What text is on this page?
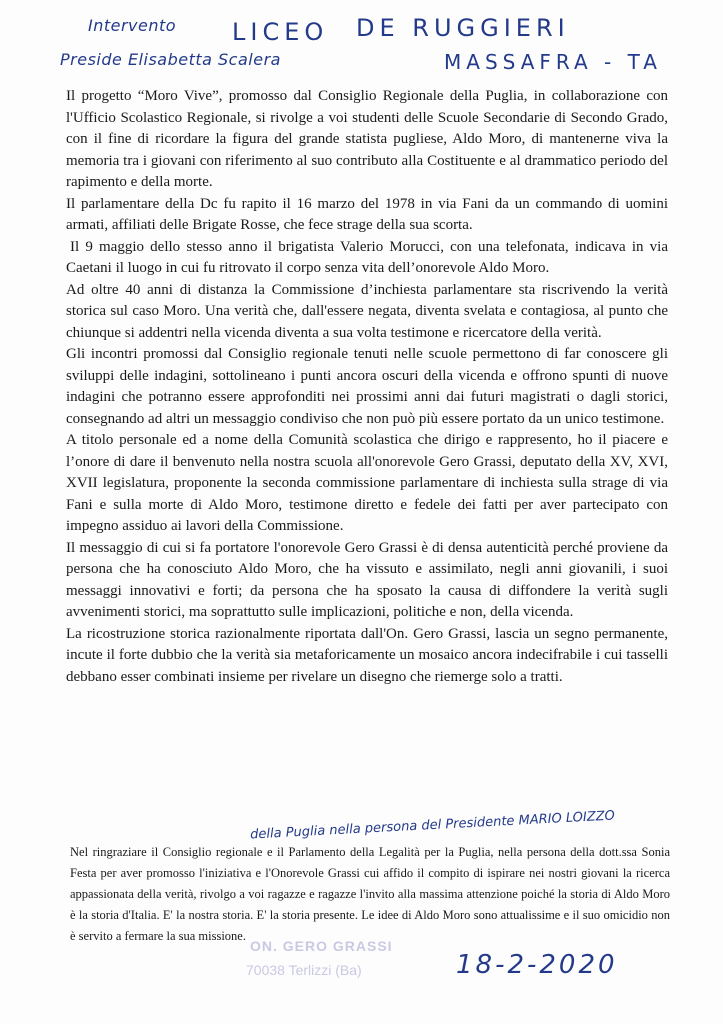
Intervento LICEO DE RUGGIERI
Preside Elisabetta Scalera	MASSAFRA - TA

Il progetto “Moro Vive”, promosso dal Consiglio Regionale della Puglia, in collaborazione con l'Ufficio Scolastico Regionale, si rivolge a voi studenti delle Scuole Secondarie di Secondo Grado, con il fine di ricordare la figura del grande statista pugliese, Aldo Moro, di mantenerne viva la memoria tra i giovani con riferimento al suo contributo alla Costituente e al drammatico periodo del rapimento e della morte.

Il parlamentare della Dc fu rapito il 16 marzo del 1978 in via Fani da un commando di uomini armati, affiliati delle Brigate Rosse, che fece strage della sua scorta.

Il 9 maggio dello stesso anno il brigatista Valerio Morucci, con una telefonata, indicava in via Caetani il luogo in cui fu ritrovato il corpo senza vita dell’onorevole Aldo Moro.

Ad oltre 40 anni di distanza la Commissione d’inchiesta parlamentare sta riscrivendo la verità storica sul caso Moro. Una verità che, dall'essere negata, diventa svelata e contagiosa, al punto che chiunque si addentri nella vicenda diventa a sua volta testimone e ricercatore della verità.

Gli incontri promossi dal Consiglio regionale tenuti nelle scuole permettono di far conoscere gli sviluppi delle indagini, sottolineano i punti ancora oscuri della vicenda e offrono spunti di nuove indagini che potranno essere approfonditi nei prossimi anni dai futuri magistrati o dagli storici, consegnando ad altri un messaggio condiviso che non può più essere portato da un unico testimone.

A titolo personale ed a nome della Comunità scolastica che dirigo e rappresento, ho il piacere e l’onore di dare il benvenuto nella nostra scuola all'onorevole Gero Grassi, deputato della XV, XVI, XVII legislatura, proponente la seconda commissione parlamentare di inchiesta sulla strage di via Fani e sulla morte di Aldo Moro, testimone diretto e fedele dei fatti per aver partecipato con impegno assiduo ai lavori della Commissione.

Il messaggio di cui si fa portatore l'onorevole Gero Grassi è di densa autenticità perché proviene da persona che ha conosciuto Aldo Moro, che ha vissuto e assimilato, negli anni giovanili, i suoi messaggi innovativi e forti; da persona che ha sposato la causa di diffondere la verità sugli avvenimenti storici, ma soprattutto sulle implicazioni, politiche e non, della vicenda.

La ricostruzione storica razionalmente riportata dall'On. Gero Grassi, lascia un segno permanente, incute il forte dubbio che la verità sia metaforicamente un mosaico ancora indecifrabile i cui tasselli debbano esser combinati insieme per rivelare un disegno che riemerge solo a tratti.

della Puglia nella persona del Presidente MARIO LOIZZO

Nel ringraziare il Consiglio regionale e il Parlamento della Legalità per la Puglia, nella persona della dott.ssa Sonia Festa per aver promosso l'iniziativa e l'Onorevole Grassi cui affido il compito di ispirare nei nostri giovani la ricerca appassionata della verità, rivolgo a voi ragazze e ragazze l'invito alla massima attenzione poiché la storia di Aldo Moro è la storia d'Italia. E' la nostra storia. E' la storia presente. Le idee di Aldo Moro sono attualissime e il suo omicidio non è servito a fermare la sua missione.

ON. GERO GRASSI
70038 Terlizzi (Ba)	18-2-2020
